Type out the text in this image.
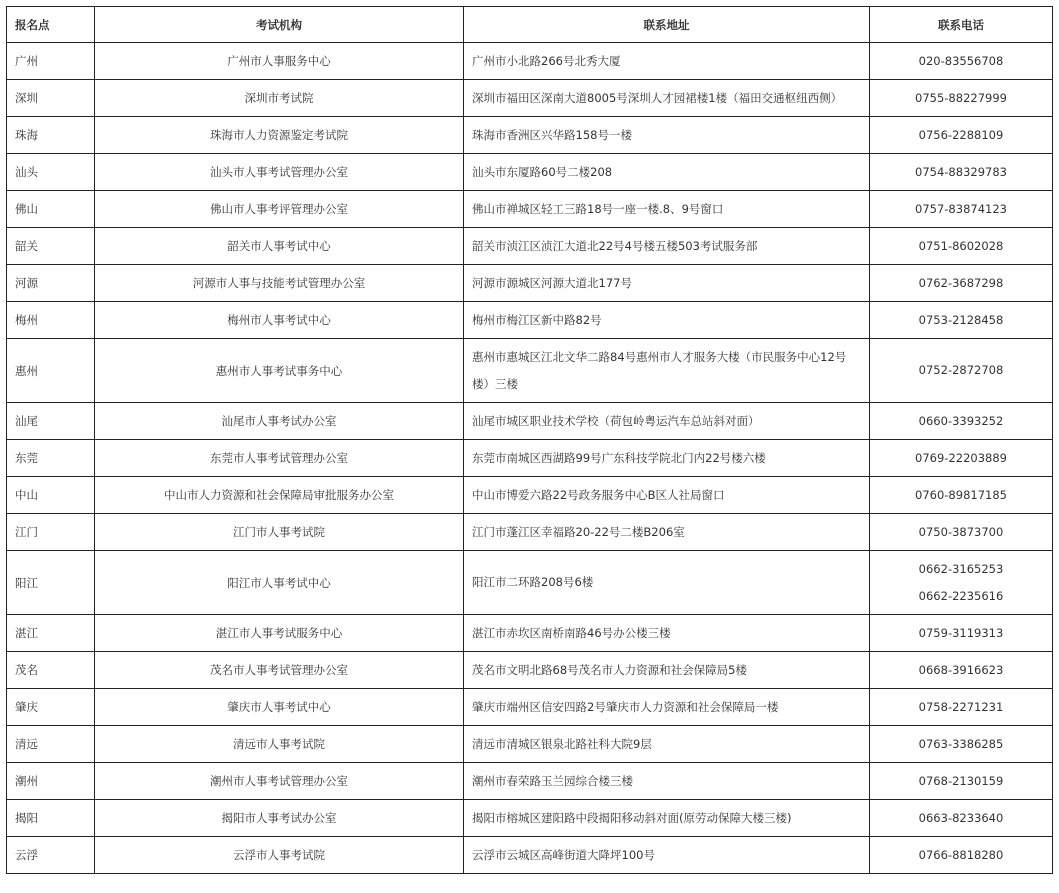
报名点	考试机构	联系地址	联系电话
广州	广州市人事服务中心	广州市小北路266号北秀大厦	020-83556708

深圳	深圳市考试院	深圳市福田区深南大道8005号深圳人才园裙楼1楼（福田交通枢纽西侧）	0755-88227999

珠海	珠海市人力资源鉴定考试院	珠海市香洲区兴华路158号一楼	0756-2288109

汕头	汕头市人事考试管理办公室	汕头市东厦路60号二楼208	0754-88329783

佛山	佛山市人事考评管理办公室	佛山市禅城区轻工三路18号一座一楼.8、9号窗口	0757-83874123

韶关	韶关市人事考试中心	韶关市浈江区浈江大道北22号4号楼五楼503考试服务部	0751-8602028

河源	河源市人事与技能考试管理办公室	河源市源城区河源大道北177号	0762-3687298

梅州	梅州市人事考试中心	梅州市梅江区新中路82号	0753-2128458

惠州	惠州市人事考试事务中心	惠州市惠城区江北文华二路84号惠州市人才服务大楼（市民服务中心12号楼）三楼	0752-2872708

汕尾	汕尾市人事考试办公室	汕尾市城区职业技术学校（荷包岭粤运汽车总站斜对面）	0660-3393252

东莞	东莞市人事考试管理办公室	东莞市南城区西湖路99号广东科技学院北门内22号楼六楼	0769-22203889

中山	中山市人力资源和社会保障局审批服务办公室	中山市博爱六路22号政务服务中心B区人社局窗口	0760-89817185

江门	江门市人事考试院	江门市蓬江区幸福路20-22号二楼B206室	0750-3873700

阳江	阳江市人事考试中心	阳江市二环路208号6楼	0662-3165253
0662-2235616

湛江	湛江市人事考试服务中心	湛江市赤坎区南桥南路46号办公楼三楼	0759-3119313

茂名	茂名市人事考试管理办公室	茂名市文明北路68号茂名市人力资源和社会保障局5楼	0668-3916623

肇庆	肇庆市人事考试中心	肇庆市端州区信安四路2号肇庆市人力资源和社会保障局一楼	0758-2271231

清远	清远市人事考试院	清远市清城区银泉北路社科大院9层	0763-3386285

潮州	潮州市人事考试管理办公室	潮州市春荣路玉兰园综合楼三楼	0768-2130159

揭阳	揭阳市人事考试办公室	揭阳市榕城区建阳路中段揭阳移动斜对面(原劳动保障大楼三楼)	0663-8233640

云浮	云浮市人事考试院	云浮市云城区高峰街道大降坪100号	0766-8818280
